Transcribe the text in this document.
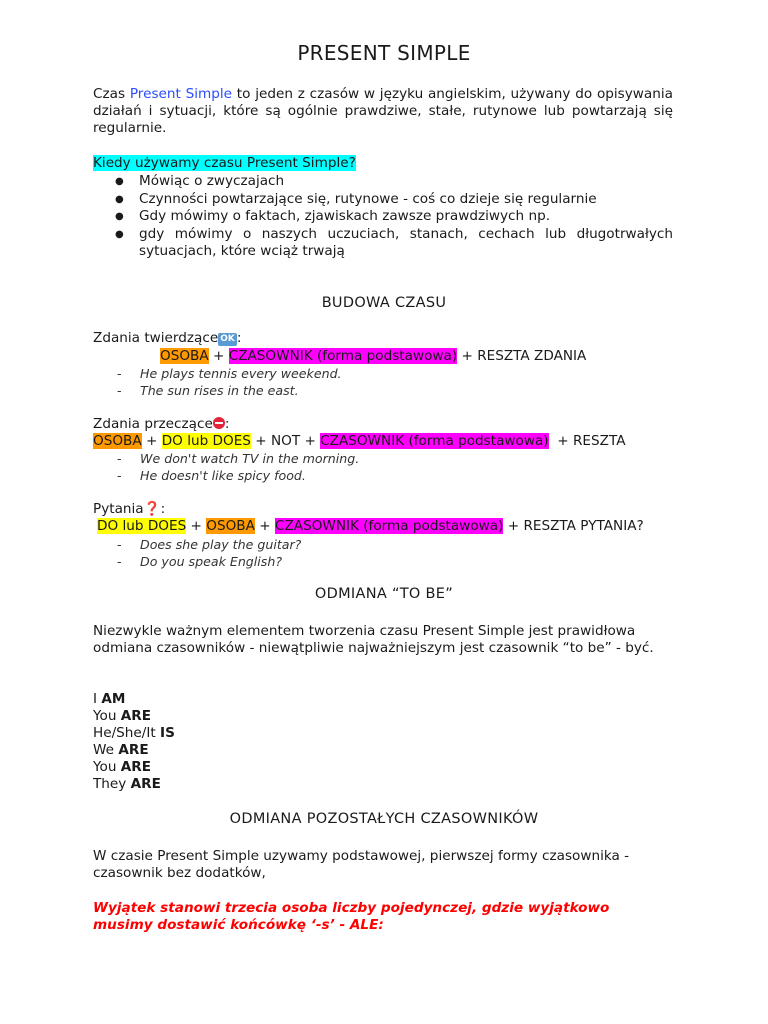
PRESENT SIMPLE
Czas Present Simple to jeden z czasów w języku angielskim, używany do opisywania działań i sytuacji, które są ogólnie prawdziwe, stałe, rutynowe lub powtarzają się regularnie.
Kiedy używamy czasu Present Simple?
● Mówiąc o zwyczajach
● Czynności powtarzające się, rutynowe - coś co dzieje się regularnie
● Gdy mówimy o faktach, zjawiskach zawsze prawdziwych np.
● gdy mówimy o naszych uczuciach, stanach, cechach lub długotrwałych sytuacjach, które wciąż trwają
BUDOWA CZASU
Zdania twierdzące OK :
OSOBA + CZASOWNIK (forma podstawowa) + RESZTA ZDANIA
- He plays tennis every weekend.
- The sun rises in the east.
Zdania przeczące :
OSOBA + DO lub DOES + NOT + CZASOWNIK (forma podstawowa)  + RESZTA
- We don't watch TV in the morning.
- He doesn't like spicy food.
Pytania❓:
DO lub DOES + OSOBA + CZASOWNIK (forma podstawowa) + RESZTA PYTANIA?
- Does she play the guitar?
- Do you speak English?
ODMIANA “TO BE”
Niezwykle ważnym elementem tworzenia czasu Present Simple jest prawidłowa odmiana czasowników - niewątpliwie najważniejszym jest czasownik “to be” - być.
I AM
You ARE
He/She/It IS
We ARE
You ARE
They ARE
ODMIANA POZOSTAŁYCH CZASOWNIKÓW
W czasie Present Simple uzywamy podstawowej, pierwszej formy czasownika - czasownik bez dodatków,
Wyjątek stanowi trzecia osoba liczby pojedynczej, gdzie wyjątkowo musimy dostawić końcówkę ‘-s’ - ALE:
